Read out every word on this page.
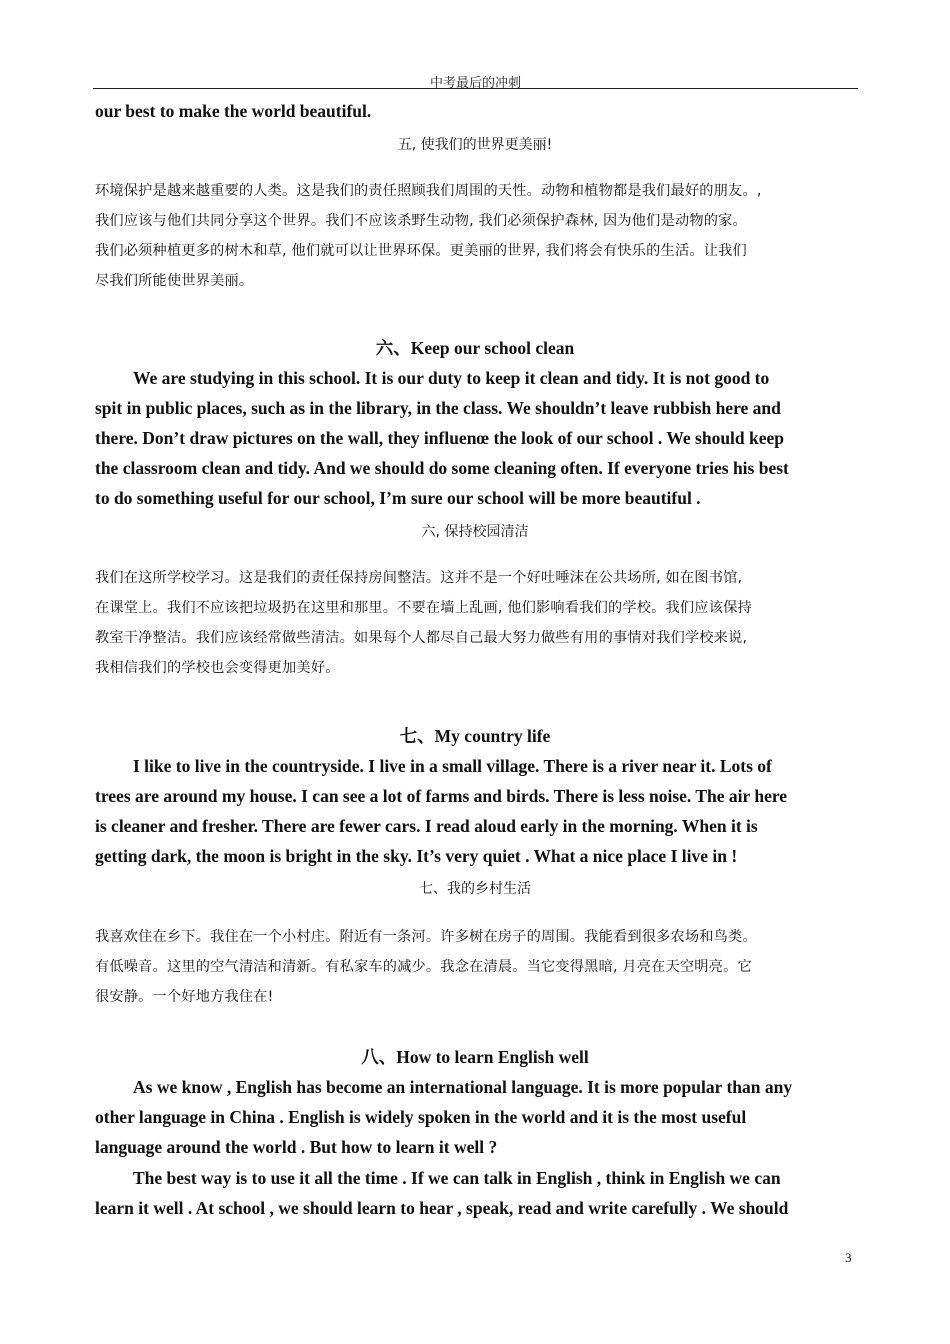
中考最后的冲刺

our best to make the world beautiful.

五, 使我们的世界更美丽!

环境保护是越来越重要的人类。这是我们的责任照顾我们周围的天性。动物和植物都是我们最好的朋友。,
我们应该与他们共同分享这个世界。我们不应该杀野生动物, 我们必须保护森林, 因为他们是动物的家。
我们必须种植更多的树木和草, 他们就可以让世界环保。更美丽的世界, 我们将会有快乐的生活。让我们
尽我们所能使世界美丽。

六、Keep our school clean

We are studying in this school. It is our duty to keep it clean and tidy. It is not good to
spit in public places, such as in the library, in the class. We shouldn’t leave rubbish here and
there. Don’t draw pictures on the wall, they influenœ the look of our school . We should keep
the classroom clean and tidy. And we should do some cleaning often. If everyone tries his best
to do something useful for our school, I’m sure our school will be more beautiful .

六, 保持校园清洁

我们在这所学校学习。这是我们的责任保持房间整洁。这并不是一个好吐唾沫在公共场所, 如在图书馆,
在课堂上。我们不应该把垃圾扔在这里和那里。不要在墙上乱画, 他们影响看我们的学校。我们应该保持
教室干净整洁。我们应该经常做些清洁。如果每个人都尽自己最大努力做些有用的事情对我们学校来说,
我相信我们的学校也会变得更加美好。

七、My country life

I like to live in the countryside. I live in a small village. There is a river near it. Lots of
trees are around my house. I can see a lot of farms and birds. There is less noise. The air here
is cleaner and fresher. There are fewer cars. I read aloud early in the morning. When it is
getting dark, the moon is bright in the sky. It’s very quiet . What a nice place I live in !

七、我的乡村生活

我喜欢住在乡下。我住在一个小村庄。附近有一条河。许多树在房子的周围。我能看到很多农场和鸟类。
有低噪音。这里的空气清洁和清新。有私家车的减少。我念在清晨。当它变得黑暗, 月亮在天空明亮。它
很安静。一个好地方我住在!

八、How to learn English well

As we know , English has become an international language. It is more popular than any
other language in China . English is widely spoken in the world and it is the most useful
language around the world . But how to learn it well ?
The best way is to use it all the time . If we can talk in English , think in English we can
learn it well . At school , we should learn to hear , speak, read and write carefully . We should
3
